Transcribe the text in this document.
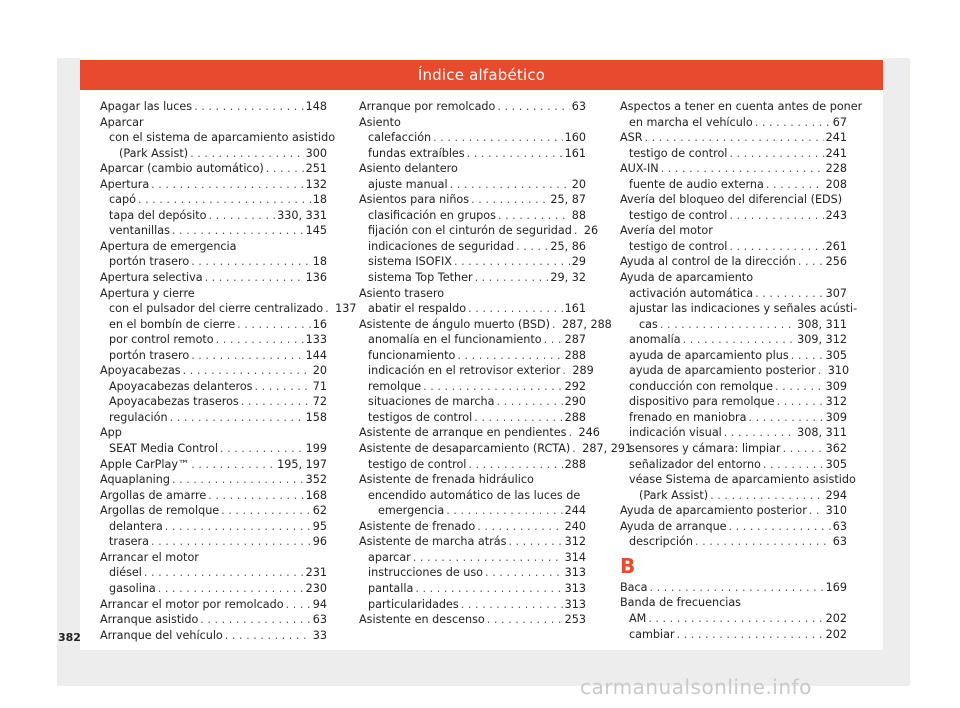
Índice alfabético
Apagar las luces . . .	148
Aparcar
con el sistema de aparcamiento asistido
(Park Assist) . . .	300
Aparcar (cambio automático) . . .	251
Apertura . . .	132
capó . . .	18
tapa del depósito . . .	330, 331
ventanillas . . .	145
Apertura de emergencia
portón trasero . . .	18
Apertura selectiva . . .	136
Apertura y cierre
con el pulsador del cierre centralizado . . . 137
en el bombín de cierre . . .	16
por control remoto . . .	133
portón trasero . . .	144
Apoyacabezas . . .	20
Apoyacabezas delanteros . . .	71
Apoyacabezas traseros . . .	72
regulación . . .	158
App
SEAT Media Control . . .	199
Apple CarPlay™ . . .	195, 197
Aquaplaning . . .	352
Argollas de amarre . . .	168
Argollas de remolque . . .	62
delantera . . .	95
trasera . . .	96
Arrancar el motor
diésel . . .	231
gasolina . . .	230
Arrancar el motor por remolcado . . .	94
Arranque asistido . . .	63
Arranque del vehículo . . .	33
Arranque por remolcado . . .	63
Asiento
calefacción . . .	160
fundas extraíbles . . .	161
Asiento delantero
ajuste manual . . .	20
Asientos para niños . . .	25, 87
clasificación en grupos . . .	88
fijación con el cinturón de seguridad . . . 26
indicaciones de seguridad . . .	25, 86
sistema ISOFIX . . .	29
sistema Top Tether . . .	29, 32
Asiento trasero
abatir el respaldo . . .	161
Asistente de ángulo muerto (BSD) . . . 287, 288
anomalía en el funcionamiento . . . 287
funcionamiento . . .	288
indicación en el retrovisor exterior . . . 289
remolque . . .	292
situaciones de marcha . . .	290
testigos de control . . .	288
Asistente de arranque en pendientes . . . 246
Asistente de desaparcamiento (RCTA) . . . 287, 291
testigo de control . . .	288
Asistente de frenada hidráulico
encendido automático de las luces de
emergencia . . .	244
Asistente de frenado . . .	240
Asistente de marcha atrás . . .	312
aparcar . . .	314
instrucciones de uso . . .	313
pantalla . . .	313
particularidades . . .	313
Asistente en descenso . . .	253
Aspectos a tener en cuenta antes de poner
en marcha el vehículo . . .	67
ASR . . .	241
testigo de control . . .	241
AUX-IN . . .	228
fuente de audio externa . . .	208
Avería del bloqueo del diferencial (EDS)
testigo de control . . .	243
Avería del motor
testigo de control . . .	261
Ayuda al control de la dirección . . .	256
Ayuda de aparcamiento
activación automática . . .	307
ajustar las indicaciones y señales acústi-
cas . . .	308, 311
anomalía . . .	309, 312
ayuda de aparcamiento plus . . .	305
ayuda de aparcamiento posterior . . . 310
conducción con remolque . . .	309
dispositivo para remolque . . .	312
frenado en maniobra . . .	309
indicación visual . . .	308, 311
sensores y cámara: limpiar . . .	362
señalizador del entorno . . .	305
véase Sistema de aparcamiento asistido
(Park Assist) . . .	294
Ayuda de aparcamiento posterior . . . 310
Ayuda de arranque . . .	63
descripción . . .	63
B
Baca . . .	169
Banda de frecuencias
AM . . .	202
cambiar . . .	202
382
carmanualsonline.info
